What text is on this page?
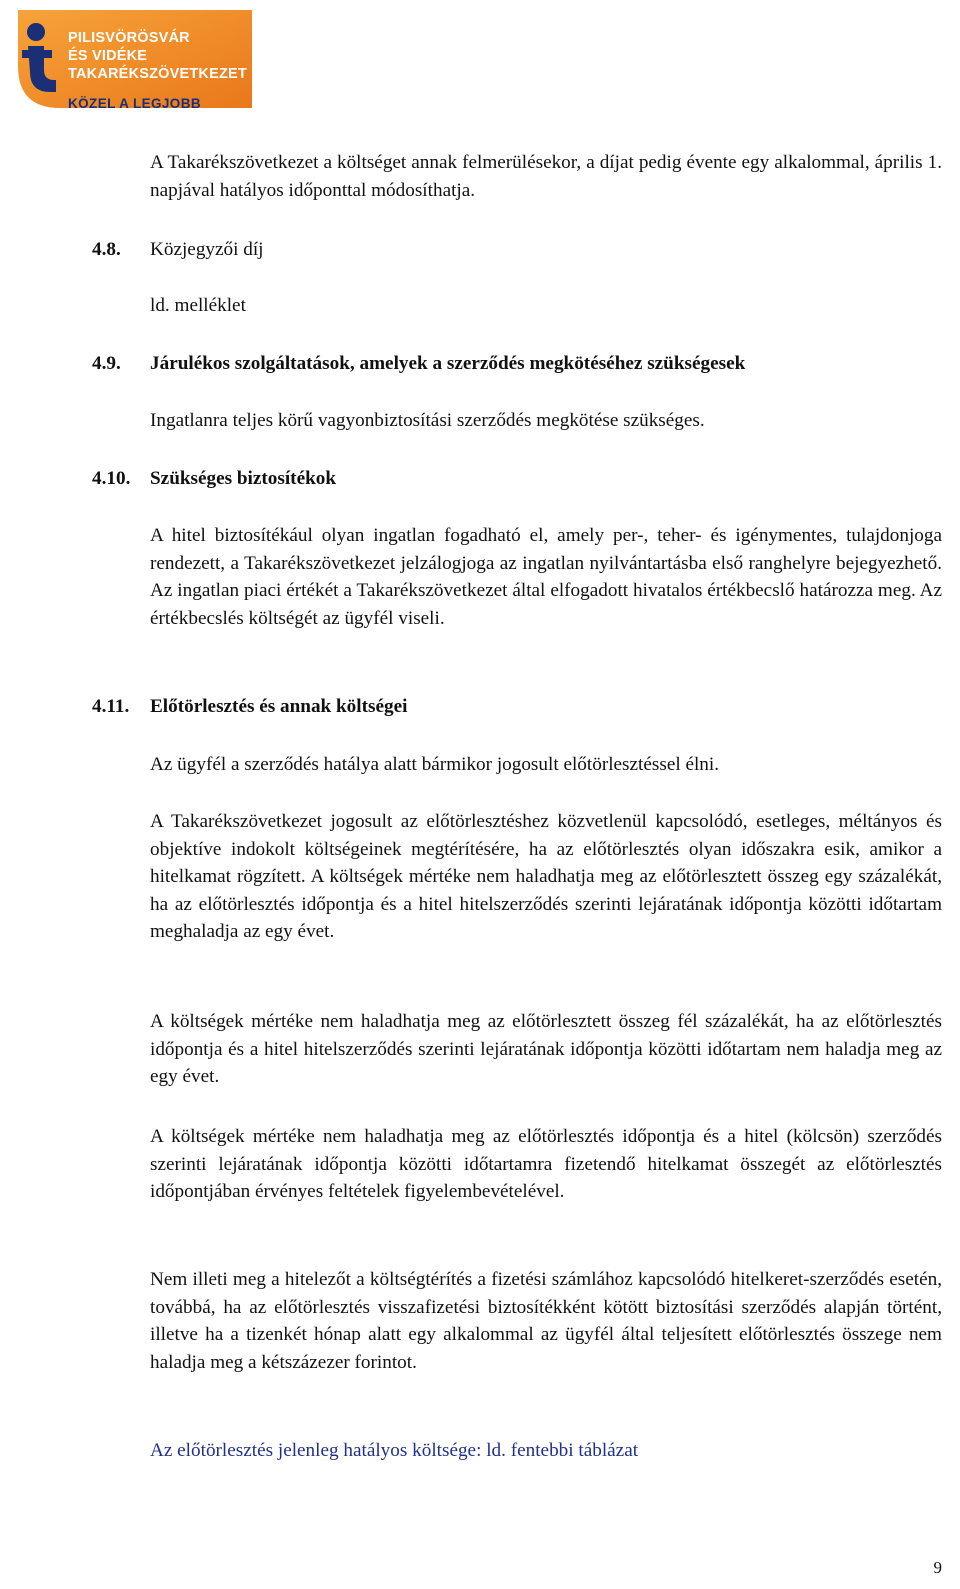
PILISVÖRÖSVÁR
ÉS VIDÉKE
TAKARÉKSZÖVETKEZET
KÖZEL A LEGJOBB

A Takarékszövetkezet a költséget annak felmerülésekor, a díjat pedig évente egy alkalommal, április 1. napjával hatályos időponttal módosíthatja.

4.8. Közjegyzői díj

ld. melléklet

4.9. Járulékos szolgáltatások, amelyek a szerződés megkötéséhez szükségesek

Ingatlanra teljes körű vagyonbiztosítási szerződés megkötése szükséges.

4.10. Szükséges biztosítékok

A hitel biztosítékául olyan ingatlan fogadható el, amely per-, teher- és igénymentes, tulajdonjoga rendezett, a Takarékszövetkezet jelzálogjoga az ingatlan nyilvántartásba első ranghelyre bejegyezhető. Az ingatlan piaci értékét a Takarékszövetkezet által elfogadott hivatalos értékbecslő határozza meg. Az értékbecslés költségét az ügyfél viseli.

4.11. Előtörlesztés és annak költségei

Az ügyfél a szerződés hatálya alatt bármikor jogosult előtörlesztéssel élni.

A Takarékszövetkezet jogosult az előtörlesztéshez közvetlenül kapcsolódó, esetleges, méltányos és objektíve indokolt költségeinek megtérítésére, ha az előtörlesztés olyan időszakra esik, amikor a hitelkamat rögzített. A költségek mértéke nem haladhatja meg az előtörlesztett összeg egy százalékát, ha az előtörlesztés időpontja és a hitel hitelszerződés szerinti lejáratának időpontja közötti időtartam meghaladja az egy évet.

A költségek mértéke nem haladhatja meg az előtörlesztett összeg fél százalékát, ha az előtörlesztés időpontja és a hitel hitelszerződés szerinti lejáratának időpontja közötti időtartam nem haladja meg az egy évet.

A költségek mértéke nem haladhatja meg az előtörlesztés időpontja és a hitel (kölcsön) szerződés szerinti lejáratának időpontja közötti időtartamra fizetendő hitelkamat összegét az előtörlesztés időpontjában érvényes feltételek figyelembevételével.

Nem illeti meg a hitelezőt a költségtérítés a fizetési számlához kapcsolódó hitelkeret-szerződés esetén, továbbá, ha az előtörlesztés visszafizetési biztosítékként kötött biztosítási szerződés alapján történt, illetve ha a tizenkét hónap alatt egy alkalommal az ügyfél által teljesített előtörlesztés összege nem haladja meg a kétszázezer forintot.

Az előtörlesztés jelenleg hatályos költsége: ld. fentebbi táblázat

9
